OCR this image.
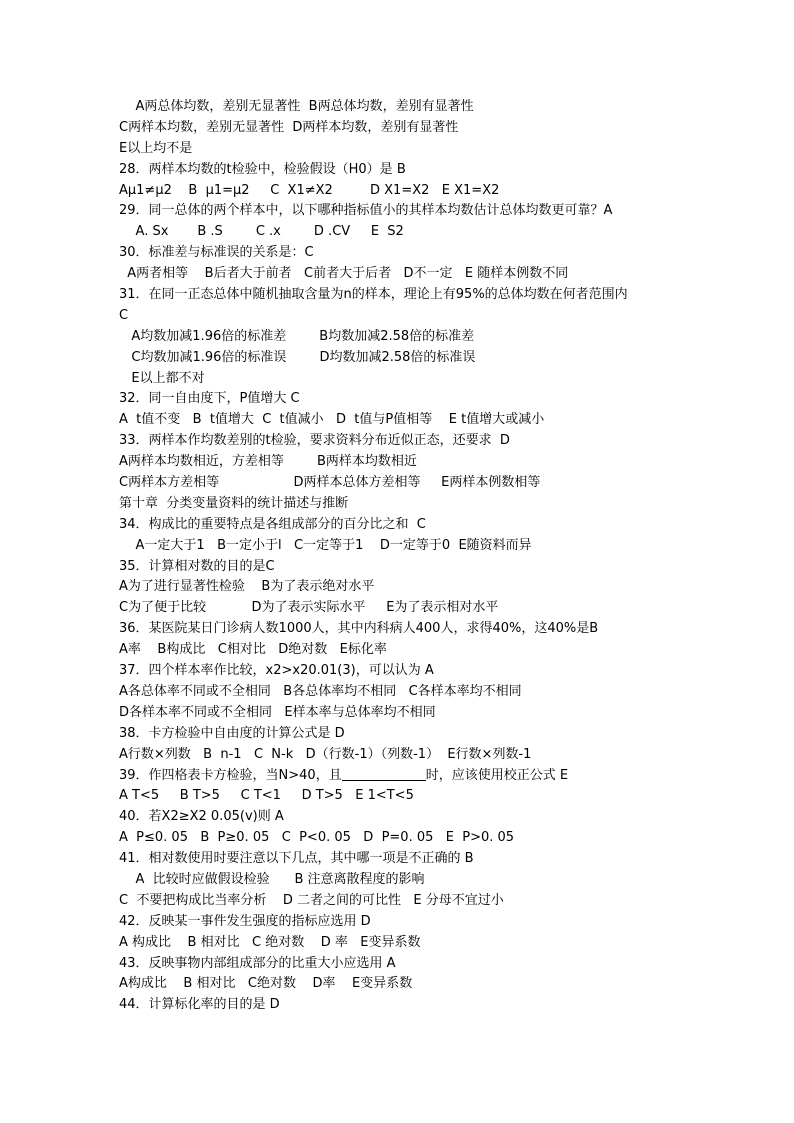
A两总体均数，差别无显著性  B两总体均数，差别有显著性
C两样本均数，差别无显著性  D两样本均数，差别有显著性
E以上均不是
28．两样本均数的t检验中，检验假设（H0）是 B
Aμ1≠μ2    B  μ1=μ2     C  X1≠X2         D X1=X2   E X1=X2
29．同一总体的两个样本中，以下哪种指标值小的其样本均数估计总体均数更可靠？A
A. Sx       B .S        C .x        D .CV     E  S2
30．标准差与标准误的关系是：C
A两者相等    B后者大于前者   C前者大于后者   D不一定   E 随样本例数不同
31．在同一正态总体中随机抽取含量为n的样本，理论上有95%的总体均数在何者范围内
C
A均数加减1.96倍的标准差        B均数加减2.58倍的标准差
C均数加减1.96倍的标准误        D均数加减2.58倍的标准误
E以上都不对
32．同一自由度下，P值增大 C
A  t值不变   B  t值增大  C  t值减小   D  t值与P值相等    E t值增大或减小
33．两样本作均数差别的t检验，要求资料分布近似正态，还要求  D
A两样本均数相近，方差相等        B两样本均数相近
C两样本方差相等                  D两样本总体方差相等     E两样本例数相等
第十章  分类变量资料的统计描述与推断
34．构成比的重要特点是各组成部分的百分比之和  C
A一定大于1   B一定小于l   C一定等于1    D一定等于0  E随资料而异
35．计算相对数的目的是C
A为了进行显著性检验    B为了表示绝对水平
C为了便于比较           D为了表示实际水平     E为了表示相对水平
36．某医院某日门诊病人数1000人，其中内科病人400人，求得40%，这40%是B
A率    B构成比   C相对比   D绝对数   E标化率
37．四个样本率作比较，x2>x20.01(3)，可以认为 A
A各总体率不同或不全相同   B各总体率均不相同   C各样本率均不相同
D各样本率不同或不全相同   E样本率与总体率均不相同
38．卡方检验中自由度的计算公式是 D
A行数×列数   B  n-1   C  N-k   D（行数-1）（列数-1）  E行数×列数-1
39．作四格表卡方检验，当N>40，且	时，应该使用校正公式 E
A T<5     B T>5     C T<1     D T>5   E 1<T<5
40．若X2≥X2 0.05(v)则 A
A  P≤0. 05   B  P≥0. 05   C  P<0. 05   D  P=0. 05   E  P>0. 05
41．相对数使用时要注意以下几点，其中哪一项是不正确的 B
A  比较时应做假设检验      B 注意离散程度的影响
C  不要把构成比当率分析    D 二者之间的可比性   E 分母不宜过小
42．反映某一事件发生强度的指标应选用 D
A 构成比    B 相对比   C 绝对数    D 率   E变异系数
43．反映事物内部组成部分的比重大小应选用 A
A构成比    B 相对比   C绝对数    D率    E变异系数
44．计算标化率的目的是 D
